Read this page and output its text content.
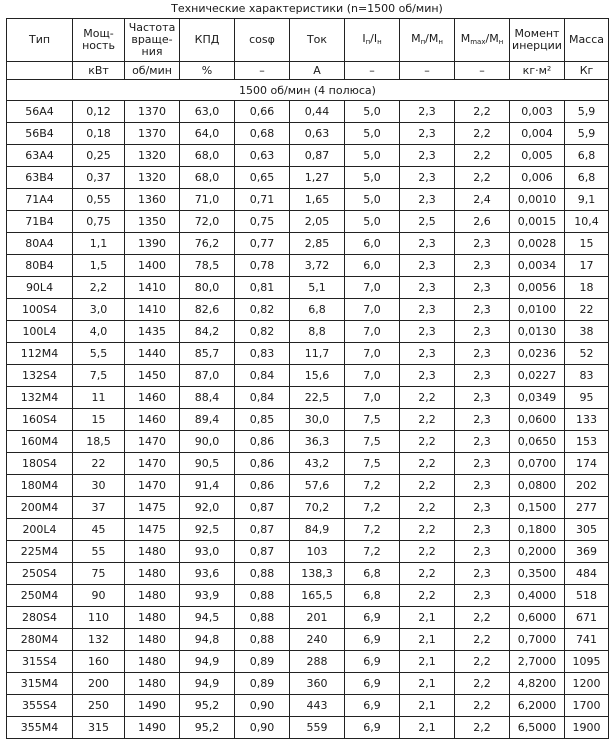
Технические характеристики (n=1500 об/мин)
Тип	Мощ-ность	Частота враще-ния	КПД	cosφ	Ток	$I_п/I_н$	$M_п/M_н$	$M_{max}/M_н$	Момент инерции	Масса
	кВт	об/мин	%	–	А	–	–	–	кг·м²	Кг
1500 об/мин (4 полюса)										
56A4	0,12	1370	63,0	0,66	0,44	5,0	2,3	2,2	0,003	5,9
56B4	0,18	1370	64,0	0,68	0,63	5,0	2,3	2,2	0,004	5,9
63A4	0,25	1320	68,0	0,63	0,87	5,0	2,3	2,2	0,005	6,8
63B4	0,37	1320	68,0	0,65	1,27	5,0	2,3	2,2	0,006	6,8
71A4	0,55	1360	71,0	0,71	1,65	5,0	2,3	2,4	0,0010	9,1
71B4	0,75	1350	72,0	0,75	2,05	5,0	2,5	2,6	0,0015	10,4
80A4	1,1	1390	76,2	0,77	2,85	6,0	2,3	2,3	0,0028	15
80B4	1,5	1400	78,5	0,78	3,72	6,0	2,3	2,3	0,0034	17
90L4	2,2	1410	80,0	0,81	5,1	7,0	2,3	2,3	0,0056	18
100S4	3,0	1410	82,6	0,82	6,8	7,0	2,3	2,3	0,0100	22
100L4	4,0	1435	84,2	0,82	8,8	7,0	2,3	2,3	0,0130	38
112M4	5,5	1440	85,7	0,83	11,7	7,0	2,3	2,3	0,0236	52
132S4	7,5	1450	87,0	0,84	15,6	7,0	2,3	2,3	0,0227	83
132M4	11	1460	88,4	0,84	22,5	7,0	2,2	2,3	0,0349	95
160S4	15	1460	89,4	0,85	30,0	7,5	2,2	2,3	0,0600	133
160M4	18,5	1470	90,0	0,86	36,3	7,5	2,2	2,3	0,0650	153
180S4	22	1470	90,5	0,86	43,2	7,5	2,2	2,3	0,0700	174
180M4	30	1470	91,4	0,86	57,6	7,2	2,2	2,3	0,0800	202
200M4	37	1475	92,0	0,87	70,2	7,2	2,2	2,3	0,1500	277
200L4	45	1475	92,5	0,87	84,9	7,2	2,2	2,3	0,1800	305
225M4	55	1480	93,0	0,87	103	7,2	2,2	2,3	0,2000	369
250S4	75	1480	93,6	0,88	138,3	6,8	2,2	2,3	0,3500	484
250M4	90	1480	93,9	0,88	165,5	6,8	2,2	2,3	0,4000	518
280S4	110	1480	94,5	0,88	201	6,9	2,1	2,2	0,6000	671
280M4	132	1480	94,8	0,88	240	6,9	2,1	2,2	0,7000	741
315S4	160	1480	94,9	0,89	288	6,9	2,1	2,2	2,7000	1095
315M4	200	1480	94,9	0,89	360	6,9	2,1	2,2	4,8200	1200
355S4	250	1490	95,2	0,90	443	6,9	2,1	2,2	6,2000	1700
355M4	315	1490	95,2	0,90	559	6,9	2,1	2,2	6,5000	1900
